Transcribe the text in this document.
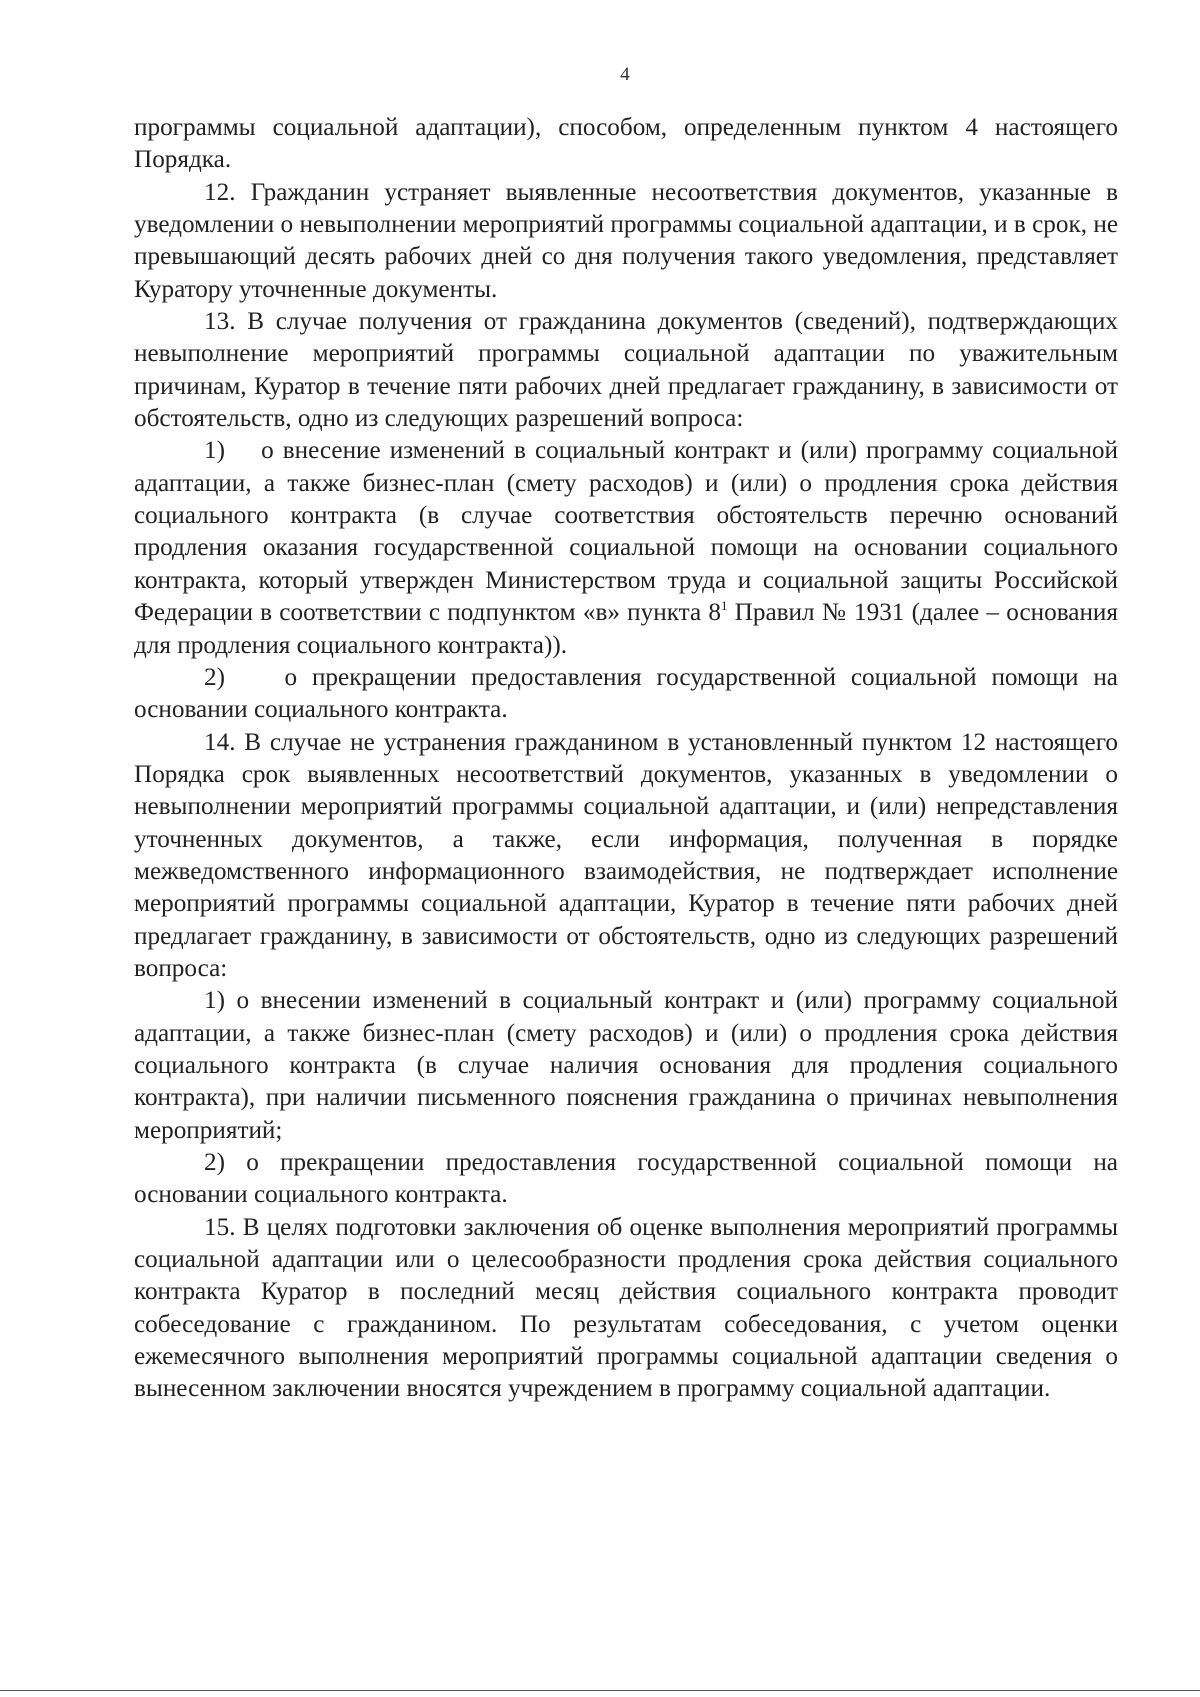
4

программы социальной адаптации), способом, определенным пунктом 4 настоящего Порядка.

12. Гражданин устраняет выявленные несоответствия документов, указанные в уведомлении о невыполнении мероприятий программы социальной адаптации, и в срок, не превышающий десять рабочих дней со дня получения такого уведомления, представляет Куратору уточненные документы.

13. В случае получения от гражданина документов (сведений), подтверждающих невыполнение мероприятий программы социальной адаптации по уважительным причинам, Куратор в течение пяти рабочих дней предлагает гражданину, в зависимости от обстоятельств, одно из следующих разрешений вопроса:

1)    о внесение изменений в социальный контракт и (или) программу социальной адаптации, а также бизнес-план (смету расходов) и (или) о продления срока действия социального контракта (в случае соответствия обстоятельств перечню оснований продления оказания государственной социальной помощи на основании социального контракта, который утвержден Министерством труда и социальной защиты Российской Федерации в соответствии с подпунктом «в» пункта $8^1$ Правил № 1931 (далее – основания для продления социального контракта)).

2)    о прекращении предоставления государственной социальной помощи на основании социального контракта.

14. В случае не устранения гражданином в установленный пунктом 12 настоящего Порядка срок выявленных несоответствий документов, указанных в уведомлении о невыполнении мероприятий программы социальной адаптации, и (или) непредставления уточненных документов, а также, если информация, полученная в порядке межведомственного информационного взаимодействия, не подтверждает исполнение мероприятий программы социальной адаптации, Куратор в течение пяти рабочих дней предлагает гражданину, в зависимости от обстоятельств, одно из следующих разрешений вопроса:

1) о внесении изменений в социальный контракт и (или) программу социальной адаптации, а также бизнес-план (смету расходов) и (или) о продления срока действия социального контракта (в случае наличия основания для продления социального контракта), при наличии письменного пояснения гражданина о причинах невыполнения мероприятий;

2) о прекращении предоставления государственной социальной помощи на основании социального контракта.

15. В целях подготовки заключения об оценке выполнения мероприятий программы социальной адаптации или о целесообразности продления срока действия социального контракта Куратор в последний месяц действия социального контракта проводит собеседование с гражданином. По результатам собеседования, с учетом оценки ежемесячного выполнения мероприятий программы социальной адаптации сведения о вынесенном заключении вносятся учреждением в программу социальной адаптации.
